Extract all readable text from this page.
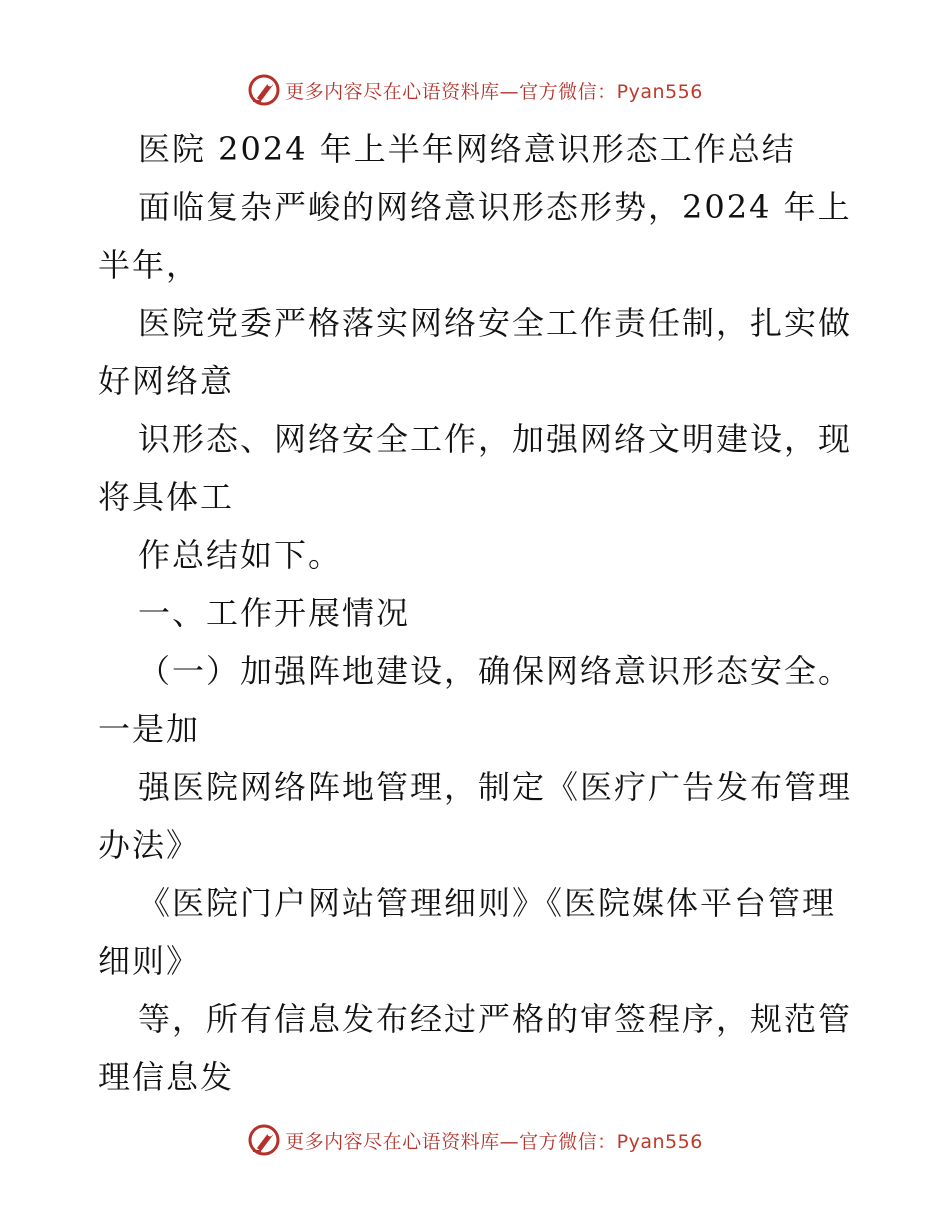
更多内容尽在心语资料库—官方微信：Pyan556
医院 2024 年上半年网络意识形态工作总结
面临复杂严峻的网络意识形态形势，2024 年上
半年，
医院党委严格落实网络安全工作责任制，扎实做
好网络意
识形态、网络安全工作，加强网络文明建设，现
将具体工
作总结如下。
一、工作开展情况
（一）加强阵地建设，确保网络意识形态安全。
一是加
强医院网络阵地管理，制定《医疗广告发布管理
办法》
《医院门户网站管理细则》《医院媒体平台管理
细则》
等，所有信息发布经过严格的审签程序，规范管
理信息发
更多内容尽在心语资料库—官方微信：Pyan556
